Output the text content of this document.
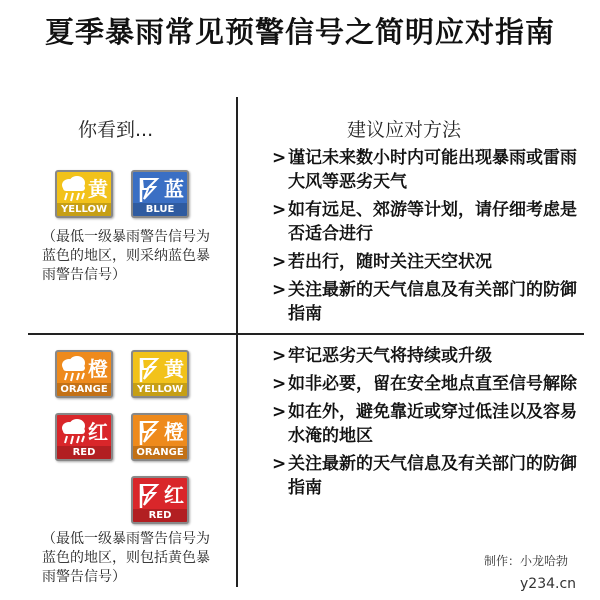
夏季暴雨常见预警信号之简明应对指南
你看到...	建议应对方法
黄
YELLOW
蓝
BLUE
（最低一级暴雨警告信号为蓝色的地区，则采纳蓝色暴雨警告信号）
> 谨记未来数小时内可能出现暴雨或雷雨大风等恶劣天气
> 如有远足、郊游等计划，请仔细考虑是否适合进行
> 若出行，随时关注天空状况
> 关注最新的天气信息及有关部门的防御指南
橙
ORANGE
黄
YELLOW
红
RED
橙
ORANGE
红
RED
（最低一级暴雨警告信号为蓝色的地区，则包括黄色暴雨警告信号）
> 牢记恶劣天气将持续或升级
> 如非必要，留在安全地点直至信号解除
> 如在外，避免靠近或穿过低洼以及容易水淹的地区
> 关注最新的天气信息及有关部门的防御指南
制作：小龙哈勃
y234.cn
